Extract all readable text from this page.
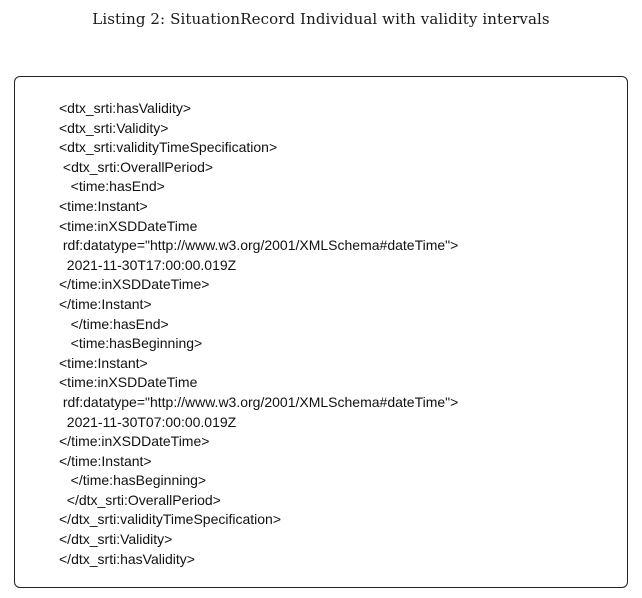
Listing 2: SituationRecord Individual with validity intervals
<dtx_srti:hasValidity>
<dtx_srti:Validity>
<dtx_srti:validityTimeSpecification>
<dtx_srti:OverallPeriod>
<time:hasEnd>
<time:Instant>
<time:inXSDDateTime
rdf:datatype="http://www.w3.org/2001/XMLSchema#dateTime">
2021-11-30T17:00:00.019Z
</time:inXSDDateTime>
</time:Instant>
</time:hasEnd>
<time:hasBeginning>
<time:Instant>
<time:inXSDDateTime
rdf:datatype="http://www.w3.org/2001/XMLSchema#dateTime">
2021-11-30T07:00:00.019Z
</time:inXSDDateTime>
</time:Instant>
</time:hasBeginning>
</dtx_srti:OverallPeriod>
</dtx_srti:validityTimeSpecification>
</dtx_srti:Validity>
</dtx_srti:hasValidity>
